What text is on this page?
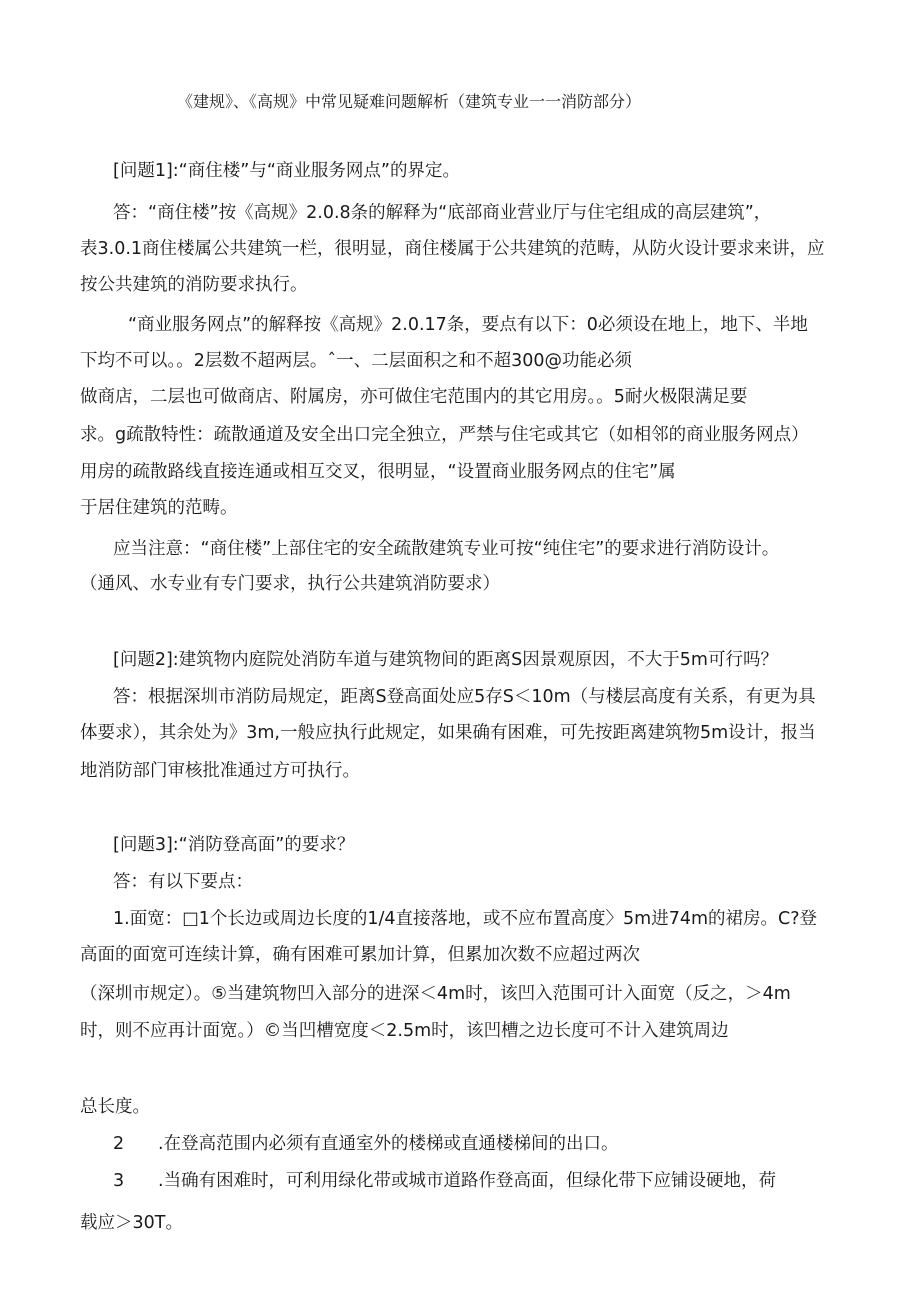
《建规》、《高规》中常见疑难问题解析（建筑专业一一消防部分）
[问题1]:“商住楼”与“商业服务网点”的界定。
答：“商住楼”按《高规》2.0.8条的解释为“底部商业营业厅与住宅组成的高层建筑”，
表3.0.1商住楼属公共建筑一栏，很明显，商住楼属于公共建筑的范畴，从防火设计要求来讲，应
按公共建筑的消防要求执行。
“商业服务网点”的解释按《高规》2.0.17条，要点有以下：0必须设在地上，地下、半地
下均不可以。。2层数不超两层。ˆ一、二层面积之和不超300@功能必须
做商店，二层也可做商店、附属房，亦可做住宅范围内的其它用房。。5耐火极限满足要
求。g疏散特性：疏散通道及安全出口完全独立，严禁与住宅或其它（如相邻的商业服务网点）
用房的疏散路线直接连通或相互交叉，很明显，“设置商业服务网点的住宅”属
于居住建筑的范畴。
应当注意：“商住楼”上部住宅的安全疏散建筑专业可按“纯住宅”的要求进行消防设计。
（通风、水专业有专门要求，执行公共建筑消防要求）
[问题2]:建筑物内庭院处消防车道与建筑物间的距离S因景观原因，不大于5m可行吗？
答：根据深圳市消防局规定，距离S登高面处应5存S＜10m（与楼层高度有关系，有更为具
体要求），其余处为》3m,一般应执行此规定，如果确有困难，可先按距离建筑物5m设计，报当
地消防部门审核批准通过方可执行。
[问题3]:“消防登高面”的要求？
答：有以下要点：
1.面宽：□1个长边或周边长度的1/4直接落地，或不应布置高度〉5m进74m的裙房。C?登
高面的面宽可连续计算，确有困难可累加计算，但累加次数不应超过两次
（深圳市规定）。⑤当建筑物凹入部分的进深＜4m时，该凹入范围可计入面宽（反之，＞4m
时，则不应再计面宽。）©当凹槽宽度＜2.5m时，该凹槽之边长度可不计入建筑周边
总长度。
2 .在登高范围内必须有直通室外的楼梯或直通楼梯间的出口。
3 .当确有困难时，可利用绿化带或城市道路作登高面，但绿化带下应铺设硬地，荷
载应＞30T。
